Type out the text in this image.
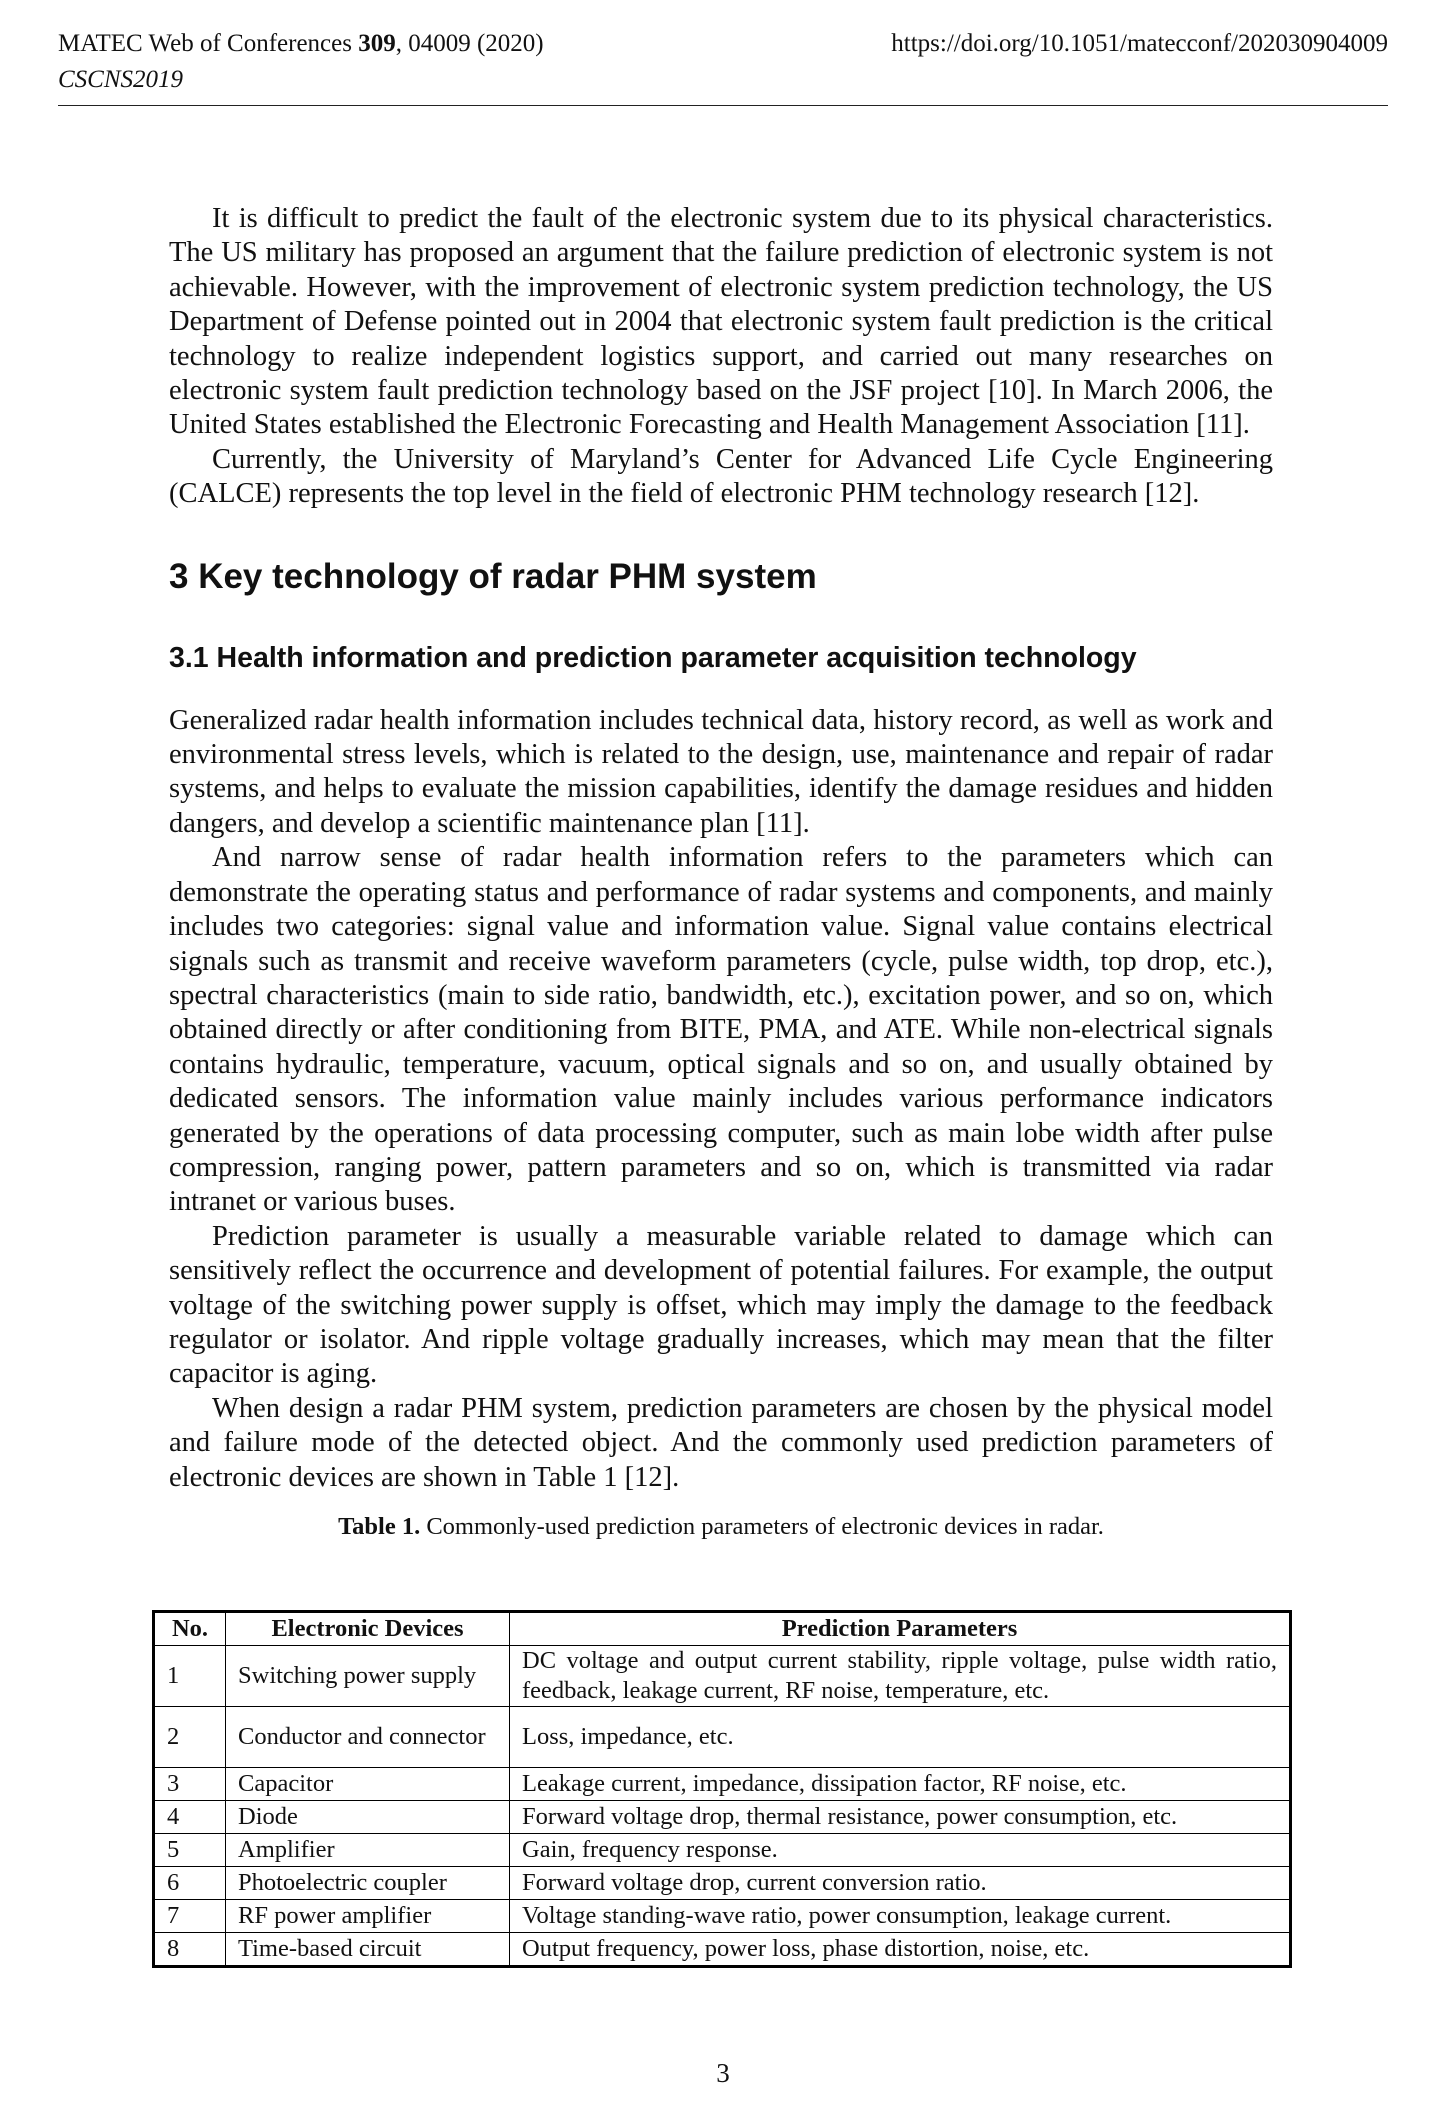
MATEC Web of Conferences 309, 04009 (2020)	https://doi.org/10.1051/matecconf/202030904009
CSCNS2019

It is difficult to predict the fault of the electronic system due to its physical characteristics. The US military has proposed an argument that the failure prediction of electronic system is not achievable. However, with the improvement of electronic system prediction technology, the US Department of Defense pointed out in 2004 that electronic system fault prediction is the critical technology to realize independent logistics support, and carried out many researches on electronic system fault prediction technology based on the JSF project [10]. In March 2006, the United States established the Electronic Forecasting and Health Management Association [11].

Currently, the University of Maryland’s Center for Advanced Life Cycle Engineering (CALCE) represents the top level in the field of electronic PHM technology research [12].

3 Key technology of radar PHM system
3.1 Health information and prediction parameter acquisition technology

Generalized radar health information includes technical data, history record, as well as work and environmental stress levels, which is related to the design, use, maintenance and repair of radar systems, and helps to evaluate the mission capabilities, identify the damage residues and hidden dangers, and develop a scientific maintenance plan [11].

And narrow sense of radar health information refers to the parameters which can demonstrate the operating status and performance of radar systems and components, and mainly includes two categories: signal value and information value. Signal value contains electrical signals such as transmit and receive waveform parameters (cycle, pulse width, top drop, etc.), spectral characteristics (main to side ratio, bandwidth, etc.), excitation power, and so on, which obtained directly or after conditioning from BITE, PMA, and ATE. While non-electrical signals contains hydraulic, temperature, vacuum, optical signals and so on, and usually obtained by dedicated sensors. The information value mainly includes various performance indicators generated by the operations of data processing computer, such as main lobe width after pulse compression, ranging power, pattern parameters and so on, which is transmitted via radar intranet or various buses.

Prediction parameter is usually a measurable variable related to damage which can sensitively reflect the occurrence and development of potential failures. For example, the output voltage of the switching power supply is offset, which may imply the damage to the feedback regulator or isolator. And ripple voltage gradually increases, which may mean that the filter capacitor is aging.

When design a radar PHM system, prediction parameters are chosen by the physical model and failure mode of the detected object. And the commonly used prediction parameters of electronic devices are shown in Table 1 [12].

Table 1. Commonly-used prediction parameters of electronic devices in radar.
No.	Electronic Devices	Prediction Parameters
1	Switching power supply	DC voltage and output current stability, ripple voltage, pulse width ratio, feedback, leakage current, RF noise, temperature, etc.
2	Conductor and connector	Loss, impedance, etc.
3	Capacitor	Leakage current, impedance, dissipation factor, RF noise, etc.
4	Diode	Forward voltage drop, thermal resistance, power consumption, etc.
5	Amplifier	Gain, frequency response.
6	Photoelectric coupler	Forward voltage drop, current conversion ratio.
7	RF power amplifier	Voltage standing-wave ratio, power consumption, leakage current.
8	Time-based circuit	Output frequency, power loss, phase distortion, noise, etc.
3
